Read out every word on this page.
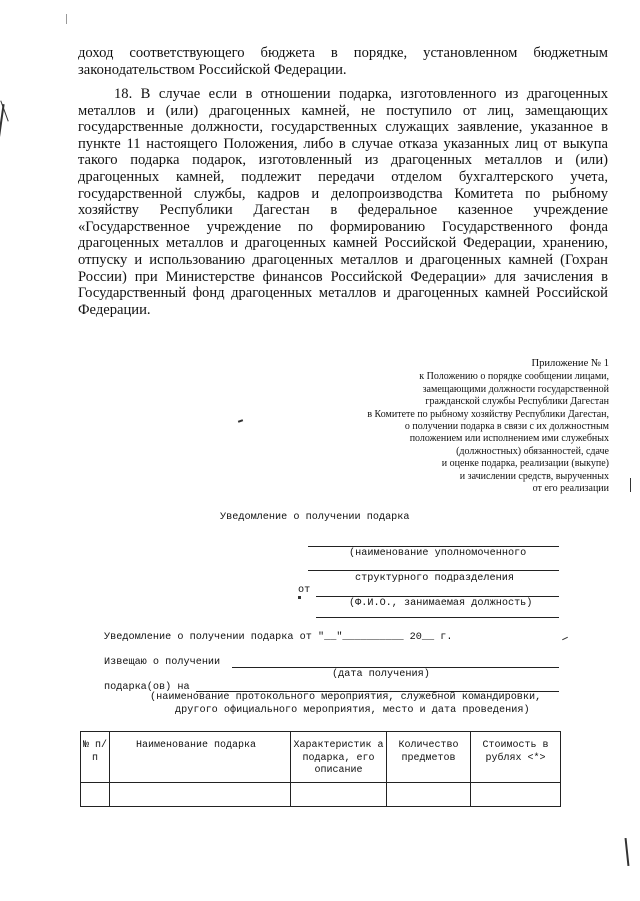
доход соответствующего бюджета в порядке, установленном бюджетным законодательством Российской Федерации.
18. В случае если в отношении подарка, изготовленного из драгоценных металлов и (или) драгоценных камней, не поступило от лиц, замещающих государственные должности, государственных служащих заявление, указанное в пункте 11 настоящего Положения, либо в случае отказа указанных лиц от выкупа такого подарка подарок, изготовленный из драгоценных металлов и (или) драгоценных камней, подлежит передачи отделом бухгалтерского учета, государственной службы, кадров и делопроизводства Комитета по рыбному хозяйству Республики Дагестан в федеральное казенное учреждение «Государственное учреждение по формированию Государственного фонда драгоценных металлов и драгоценных камней Российской Федерации, хранению, отпуску и использованию драгоценных металлов и драгоценных камней (Гохран России) при Министерстве финансов Российской Федерации» для зачисления в Государственный фонд драгоценных металлов и драгоценных камней Российской Федерации.
Приложение № 1
к Положению о порядке сообщении лицами,
замещающими должности государственной
гражданской службы Республики Дагестан
в Комитете по рыбному хозяйству Республики Дагестан,
о получении подарка в связи с их должностным
положением или исполнением ими служебных
(должностных) обязанностей, сдаче
и оценке подарка, реализации (выкупе)
и зачислении средств, вырученных
от его реализации
Уведомление о получении подарка
(наименование уполномоченного
структурного подразделения
от
(Ф.И.О., занимаемая должность)
Уведомление о получении подарка от "__"__________ 20__ г.
Извещаю о получении
(дата получения)
подарка(ов) на
(наименование протокольного мероприятия, служебной командировки,
другого официального мероприятия, место и дата проведения)
№ п/п	Наименование подарка	Характеристик а подарка, его описание	Количество предметов	Стоимость в рублях <*>
